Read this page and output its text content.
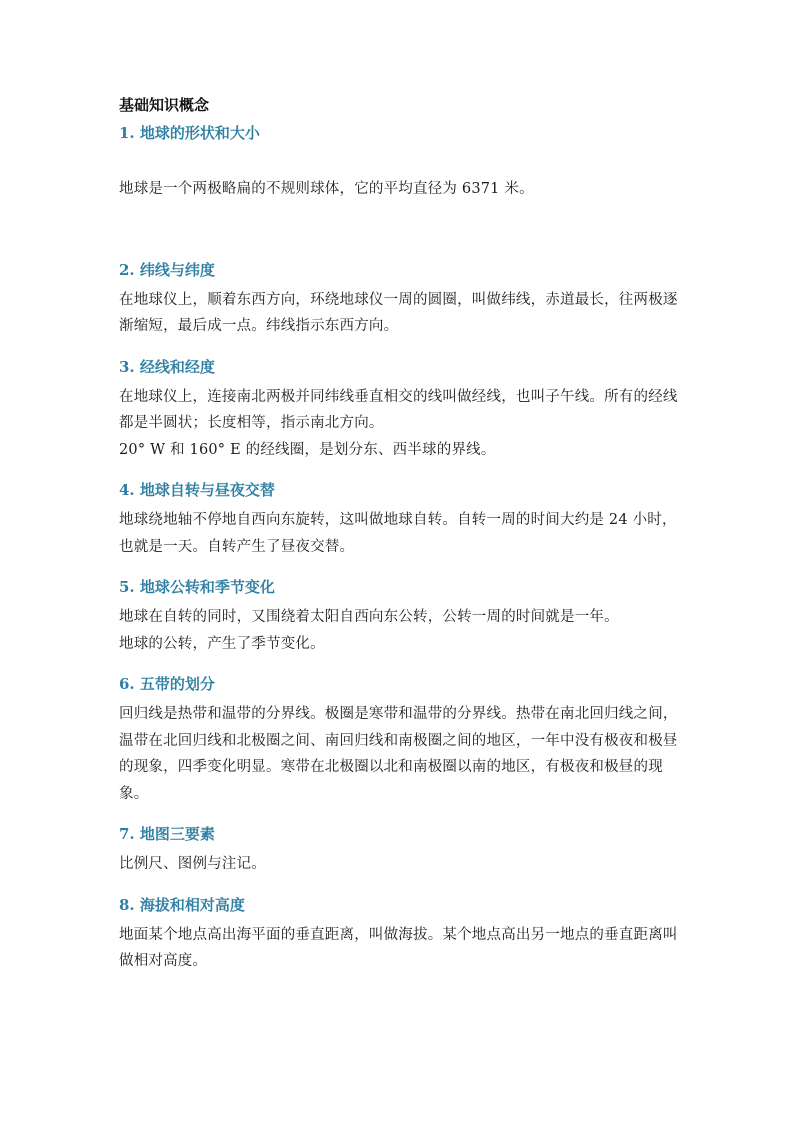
基础知识概念
1. 地球的形状和大小

地球是一个两极略扁的不规则球体，它的平均直径为 6371 米。

2. 纬线与纬度

在地球仪上，顺着东西方向，环绕地球仪一周的圆圈，叫做纬线，赤道最长，往两极逐渐缩短，最后成一点。纬线指示东西方向。

3. 经线和经度

在地球仪上，连接南北两极并同纬线垂直相交的线叫做经线，也叫子午线。所有的经线都是半圆状；长度相等，指示南北方向。

20° W 和 160° E 的经线圈，是划分东、西半球的界线。

4. 地球自转与昼夜交替

地球绕地轴不停地自西向东旋转，这叫做地球自转。自转一周的时间大约是 24 小时，也就是一天。自转产生了昼夜交替。

5. 地球公转和季节变化

地球在自转的同时，又围绕着太阳自西向东公转，公转一周的时间就是一年。

地球的公转，产生了季节变化。

6. 五带的划分

回归线是热带和温带的分界线。极圈是寒带和温带的分界线。热带在南北回归线之间，温带在北回归线和北极圈之间、南回归线和南极圈之间的地区，一年中没有极夜和极昼的现象，四季变化明显。寒带在北极圈以北和南极圈以南的地区，有极夜和极昼的现象。

7. 地图三要素

比例尺、图例与注记。

8. 海拔和相对高度

地面某个地点高出海平面的垂直距离，叫做海拔。某个地点高出另一地点的垂直距离叫做相对高度。
